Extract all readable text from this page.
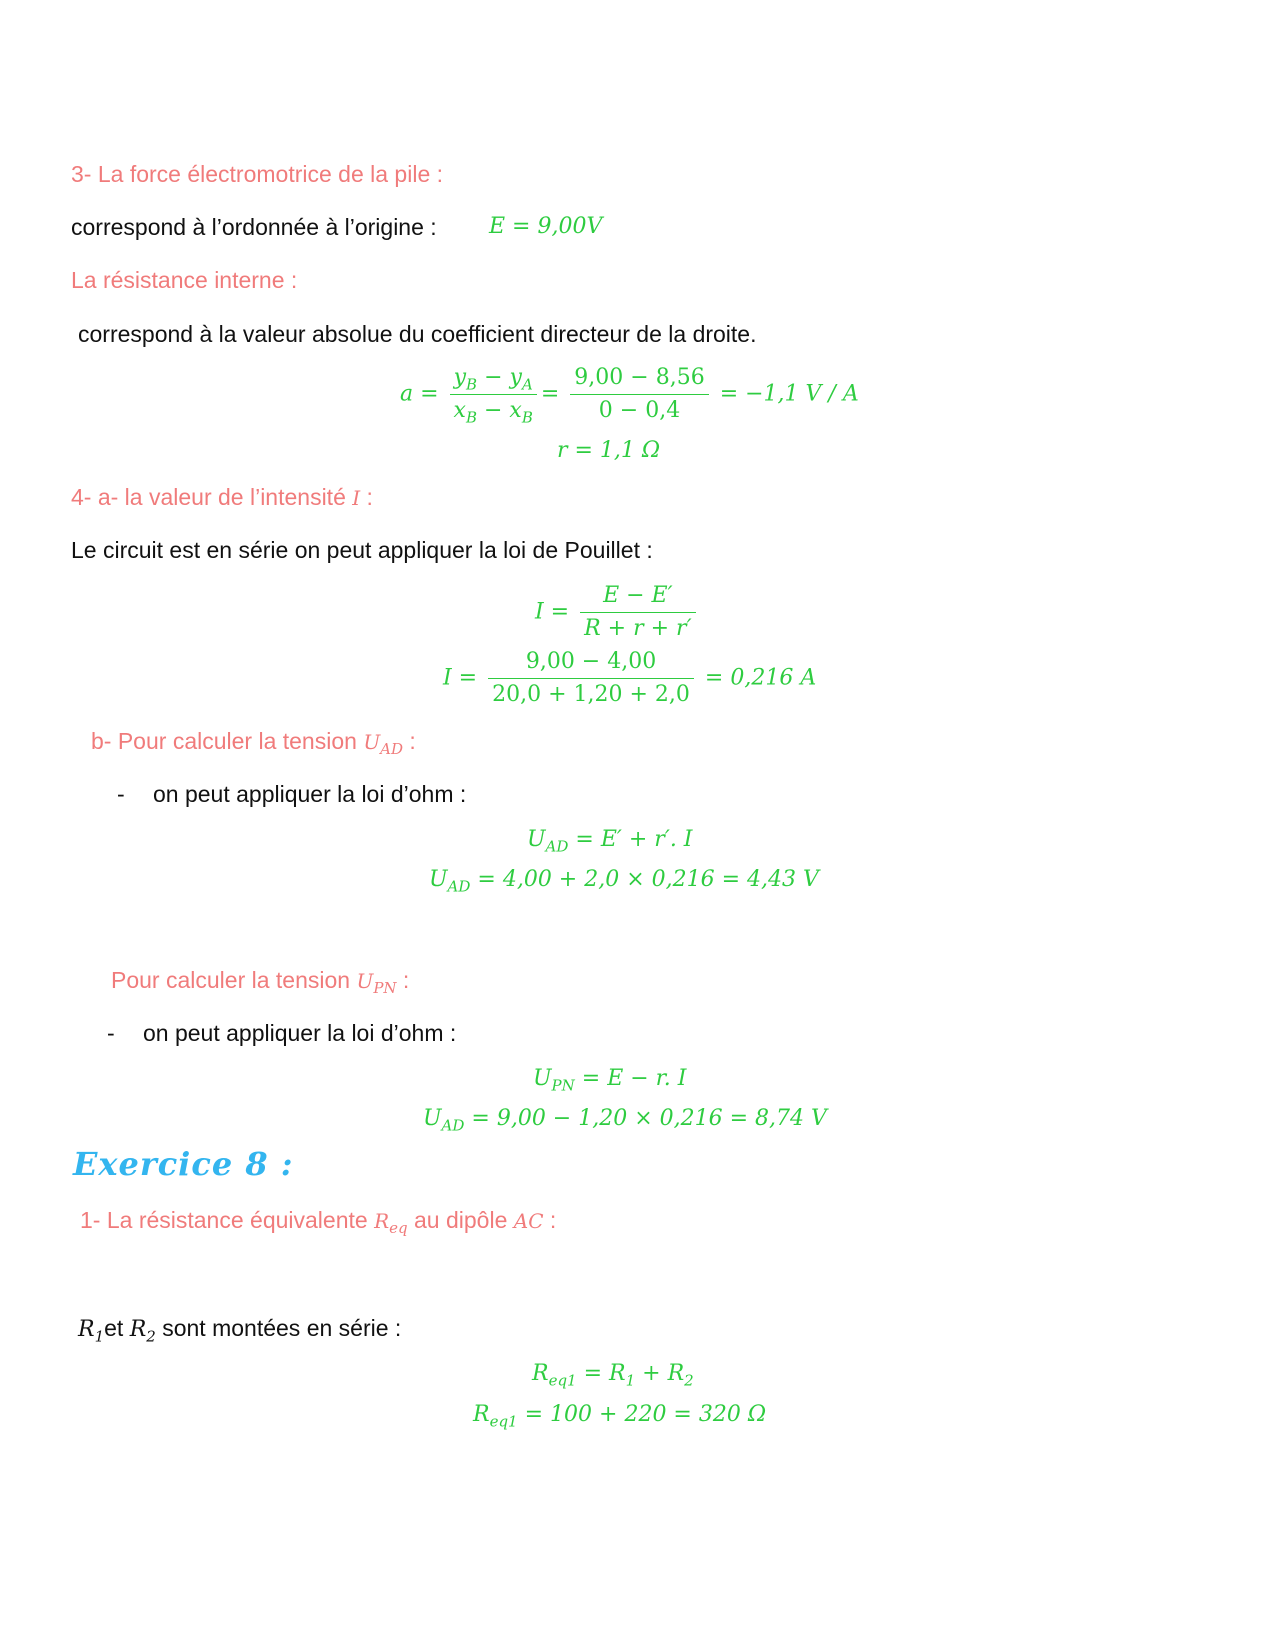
3- La force électromotrice de la pile :
correspond à l’ordonnée à l’origine : E = 9,00V
La résistance interne :
correspond à la valeur absolue du coefficient directeur de la droite.
$a = \frac{y_B - y_A}{x_B - x_B} = \frac{9,00 - 8,56}{0 - 0,4} = -1,1$ V / A
r = 1,1 Ω
4- a- la valeur de l’intensité I :
Le circuit est en série on peut appliquer la loi de Pouillet :
$I = \frac{E - E'}{R + r + r'}$
$I = \frac{9,00 - 4,00}{20,0 + 1,20 + 2,0} = 0,216$ A
b- Pour calculer la tension $U_{AD}$ :
- on peut appliquer la loi d’ohm :
$U_{AD} = E' + r'$. I
$U_{AD} = 4,00 + 2,0 \times 0,216 = 4,43$ V
Pour calculer la tension $U_{PN}$ :
- on peut appliquer la loi d’ohm :
$U_{PN} = E - r$. I
$U_{AD} = 9,00 - 1,20 \times 0,216 = 8,74$ V
Exercice 8 :
1- La résistance équivalente $R_{eq}$ au dipôle AC :
$R_1et$ $R_2$ sont montées en série :
$R_{eq1} = R_1 + R_2$
$R_{eq1} = 100 + 220 = 320$ Ω
